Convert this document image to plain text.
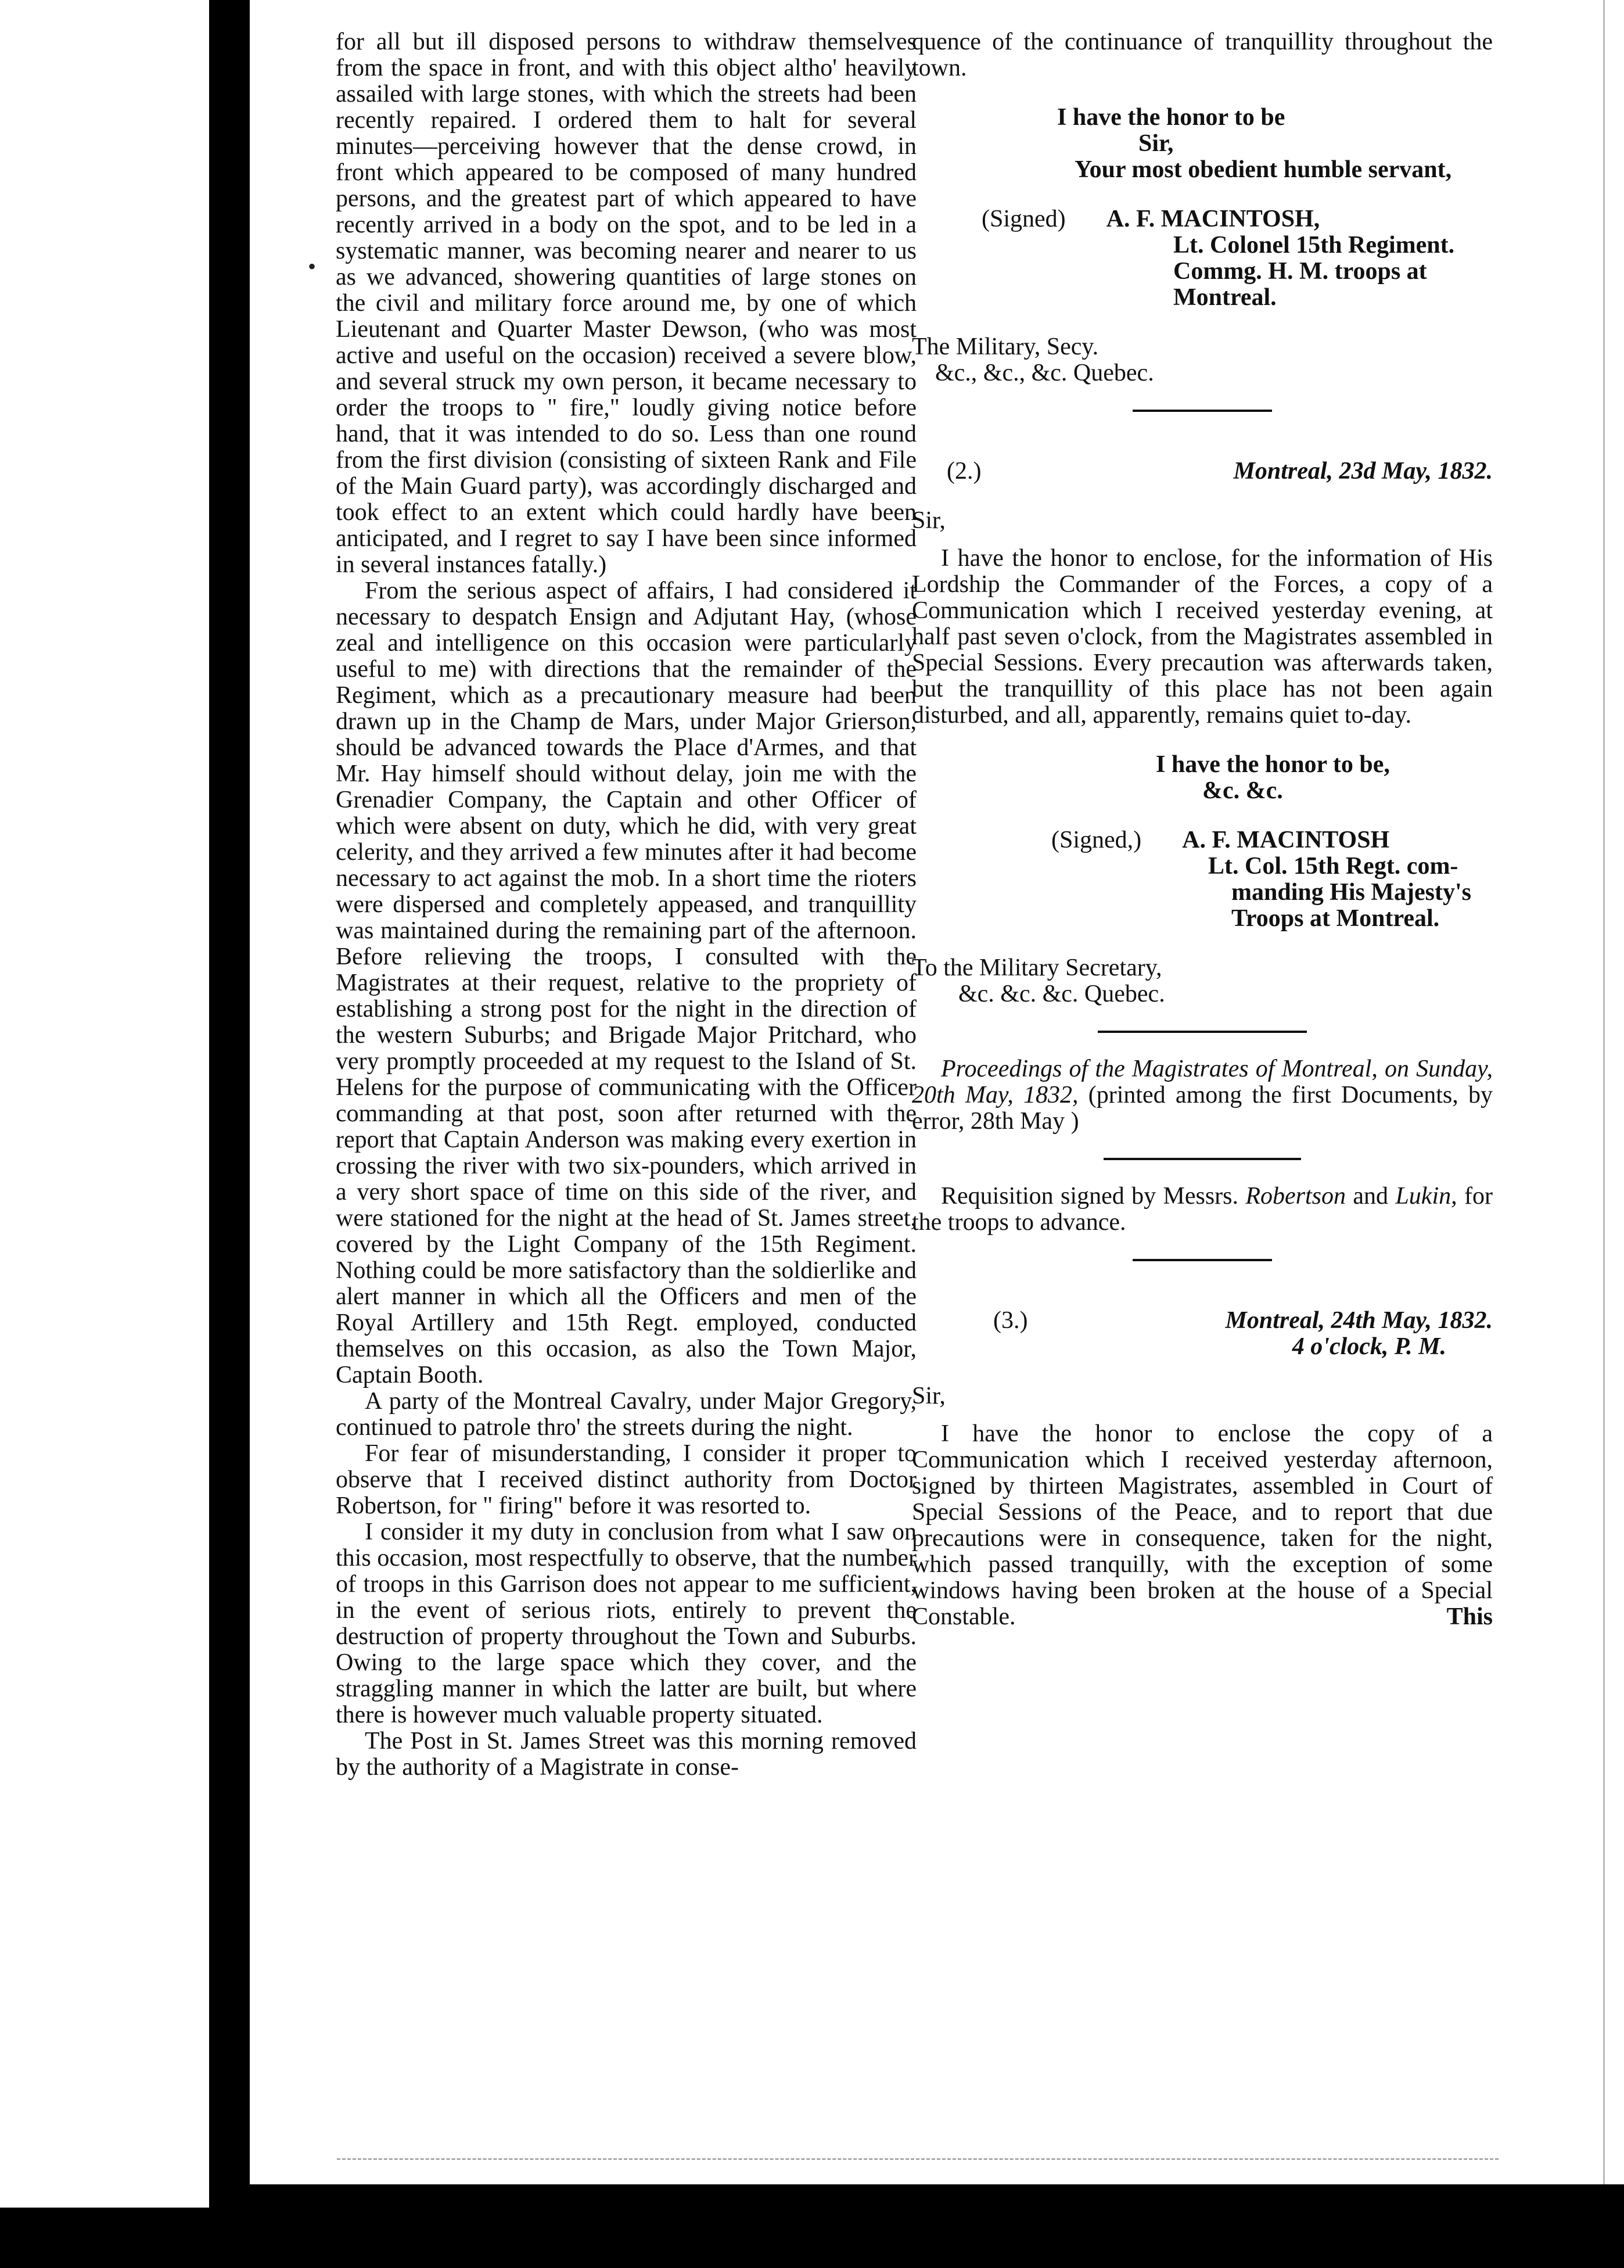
•

for all but ill disposed persons to withdraw themselves from the space in front, and with this object altho' heavily assailed with large stones, with which the streets had been recently repaired. I ordered them to halt for several minutes—perceiving however that the dense crowd, in front which appeared to be composed of many hundred persons, and the greatest part of which appeared to have recently arrived in a body on the spot, and to be led in a systematic manner, was becoming nearer and nearer to us as we advanced, showering quantities of large stones on the civil and military force around me, by one of which Lieutenant and Quarter Master Dewson, (who was most active and useful on the occasion) received a severe blow, and several struck my own person, it became necessary to order the troops to " fire," loudly giving notice before hand, that it was intended to do so. Less than one round from the first division (consisting of sixteen Rank and File of the Main Guard party), was accordingly discharged and took effect to an extent which could hardly have been anticipated, and I regret to say I have been since informed in several instances fatally.)

From the serious aspect of affairs, I had considered it necessary to despatch Ensign and Adjutant Hay, (whose zeal and intelligence on this occasion were particularly useful to me) with directions that the remainder of the Regiment, which as a precautionary measure had been drawn up in the Champ de Mars, under Major Grierson, should be advanced towards the Place d'Armes, and that Mr. Hay himself should without delay, join me with the Grenadier Company, the Captain and other Officer of which were absent on duty, which he did, with very great celerity, and they arrived a few minutes after it had become necessary to act against the mob. In a short time the rioters were dispersed and completely appeased, and tranquillity was maintained during the remaining part of the afternoon. Before relieving the troops, I consulted with the Magistrates at their request, relative to the propriety of establishing a strong post for the night in the direction of the western Suburbs; and Brigade Major Pritchard, who very promptly proceeded at my request to the Island of St. Helens for the purpose of communicating with the Officer commanding at that post, soon after returned with the report that Captain Anderson was making every exertion in crossing the river with two six-pounders, which arrived in a very short space of time on this side of the river, and were stationed for the night at the head of St. James street, covered by the Light Company of the 15th Regiment. Nothing could be more satisfactory than the soldierlike and alert manner in which all the Officers and men of the Royal Artillery and 15th Regt. employed, conducted themselves on this occasion, as also the Town Major, Captain Booth.

A party of the Montreal Cavalry, under Major Gregory, continued to patrole thro' the streets during the night.

For fear of misunderstanding, I consider it proper to observe that I received distinct authority from Doctor Robertson, for " firing" before it was resorted to.

I consider it my duty in conclusion from what I saw on this occasion, most respectfully to observe, that the number of troops in this Garrison does not appear to me sufficient, in the event of serious riots, entirely to prevent the destruction of property throughout the Town and Suburbs. Owing to the large space which they cover, and the straggling manner in which the latter are built, but where there is however much valuable property situated.

The Post in St. James Street was this morning removed by the authority of a Magistrate in conse-

quence of the continuance of tranquillity throughout the town.

I have the honor to be

Sir,

Your most obedient humble servant,

(Signed) A. F. MACINTOSH,

Lt. Colonel 15th Regiment.

Commg. H. M. troops at

Montreal.

The Military, Secy.

&c., &c., &c. Quebec.

(2.)	Montreal, 23d May, 1832.

Sir,

I have the honor to enclose, for the information of His Lordship the Commander of the Forces, a copy of a Communication which I received yesterday evening, at half past seven o'clock, from the Magistrates assembled in Special Sessions. Every precaution was afterwards taken, but the tranquillity of this place has not been again disturbed, and all, apparently, remains quiet to-day.

I have the honor to be,

&c. &c.

(Signed,) A. F. MACINTOSH

Lt. Col. 15th Regt. com-

manding His Majesty's

Troops at Montreal.

To the Military Secretary,

&c. &c. &c. Quebec.

Proceedings of the Magistrates of Montreal, on Sunday, 20th May, 1832, (printed among the first Documents, by error, 28th May )

Requisition signed by Messrs. Robertson and Lukin, for the troops to advance.

(3.)	Montreal, 24th May, 1832.

4 o'clock, P. M.

Sir,

I have the honor to enclose the copy of a Communication which I received yesterday afternoon, signed by thirteen Magistrates, assembled in Court of Special Sessions of the Peace, and to report that due precautions were in consequence, taken for the night, which passed tranquilly, with the exception of some windows having been broken at the house of a Special Constable.	This
